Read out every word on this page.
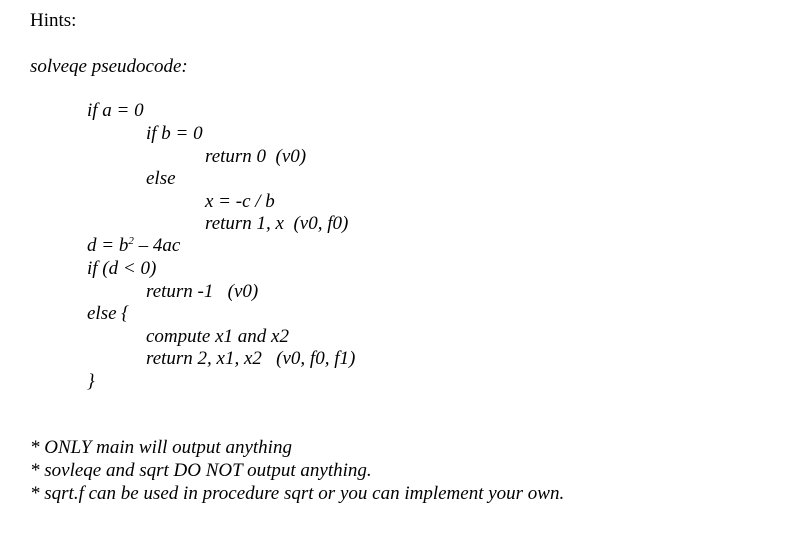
Hints:
solveqe pseudocode:
if a = 0
if b = 0
return 0  (v0)
else
x = -c / b
return 1, x  (v0, f0)
$d = b^2 - 4ac$
if (d < 0)
return -1   (v0)
else {
compute x1 and x2
return 2, x1, x2   (v0, f0, f1)
}
* ONLY main will output anything
* sovleqe and sqrt DO NOT output anything.
* sqrt.f can be used in procedure sqrt or you can implement your own.
